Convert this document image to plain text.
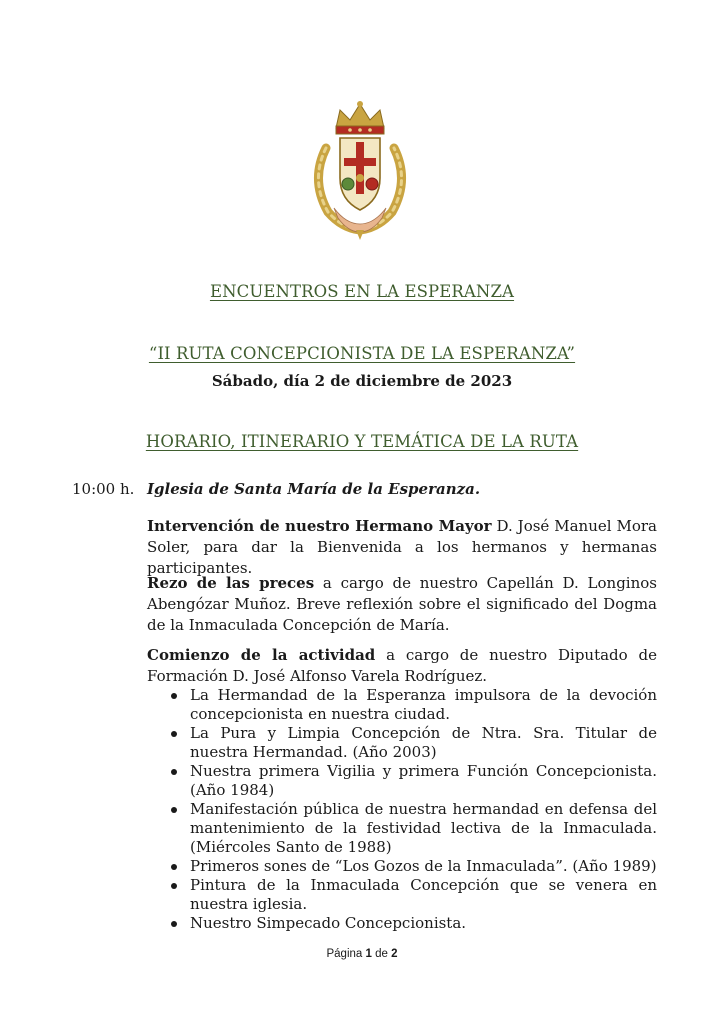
ENCUENTROS EN LA ESPERANZA
“II RUTA CONCEPCIONISTA DE LA ESPERANZA”
Sábado, día 2 de diciembre de 2023
HORARIO, ITINERARIO Y TEMÁTICA DE LA RUTA
10:00 h. Iglesia de Santa María de la Esperanza.
Intervención de nuestro Hermano Mayor D. José Manuel Mora Soler, para dar la Bienvenida a los hermanos y hermanas participantes.
Rezo de las preces a cargo de nuestro Capellán D. Longinos Abengózar Muñoz. Breve reflexión sobre el significado del Dogma de la Inmaculada Concepción de María.
Comienzo de la actividad a cargo de nuestro Diputado de Formación D. José Alfonso Varela Rodríguez.
La Hermandad de la Esperanza impulsora de la devoción concepcionista en nuestra ciudad.
La Pura y Limpia Concepción de Ntra. Sra. Titular de nuestra Hermandad. (Año 2003)
Nuestra primera Vigilia y primera Función Concepcionista. (Año 1984)
Manifestación pública de nuestra hermandad en defensa del mantenimiento de la festividad lectiva de la Inmaculada. (Miércoles Santo de 1988)
Primeros sones de “Los Gozos de la Inmaculada”. (Año 1989)
Pintura de la Inmaculada Concepción que se venera en nuestra iglesia.
Nuestro Simpecado Concepcionista.
Página 1 de 2
